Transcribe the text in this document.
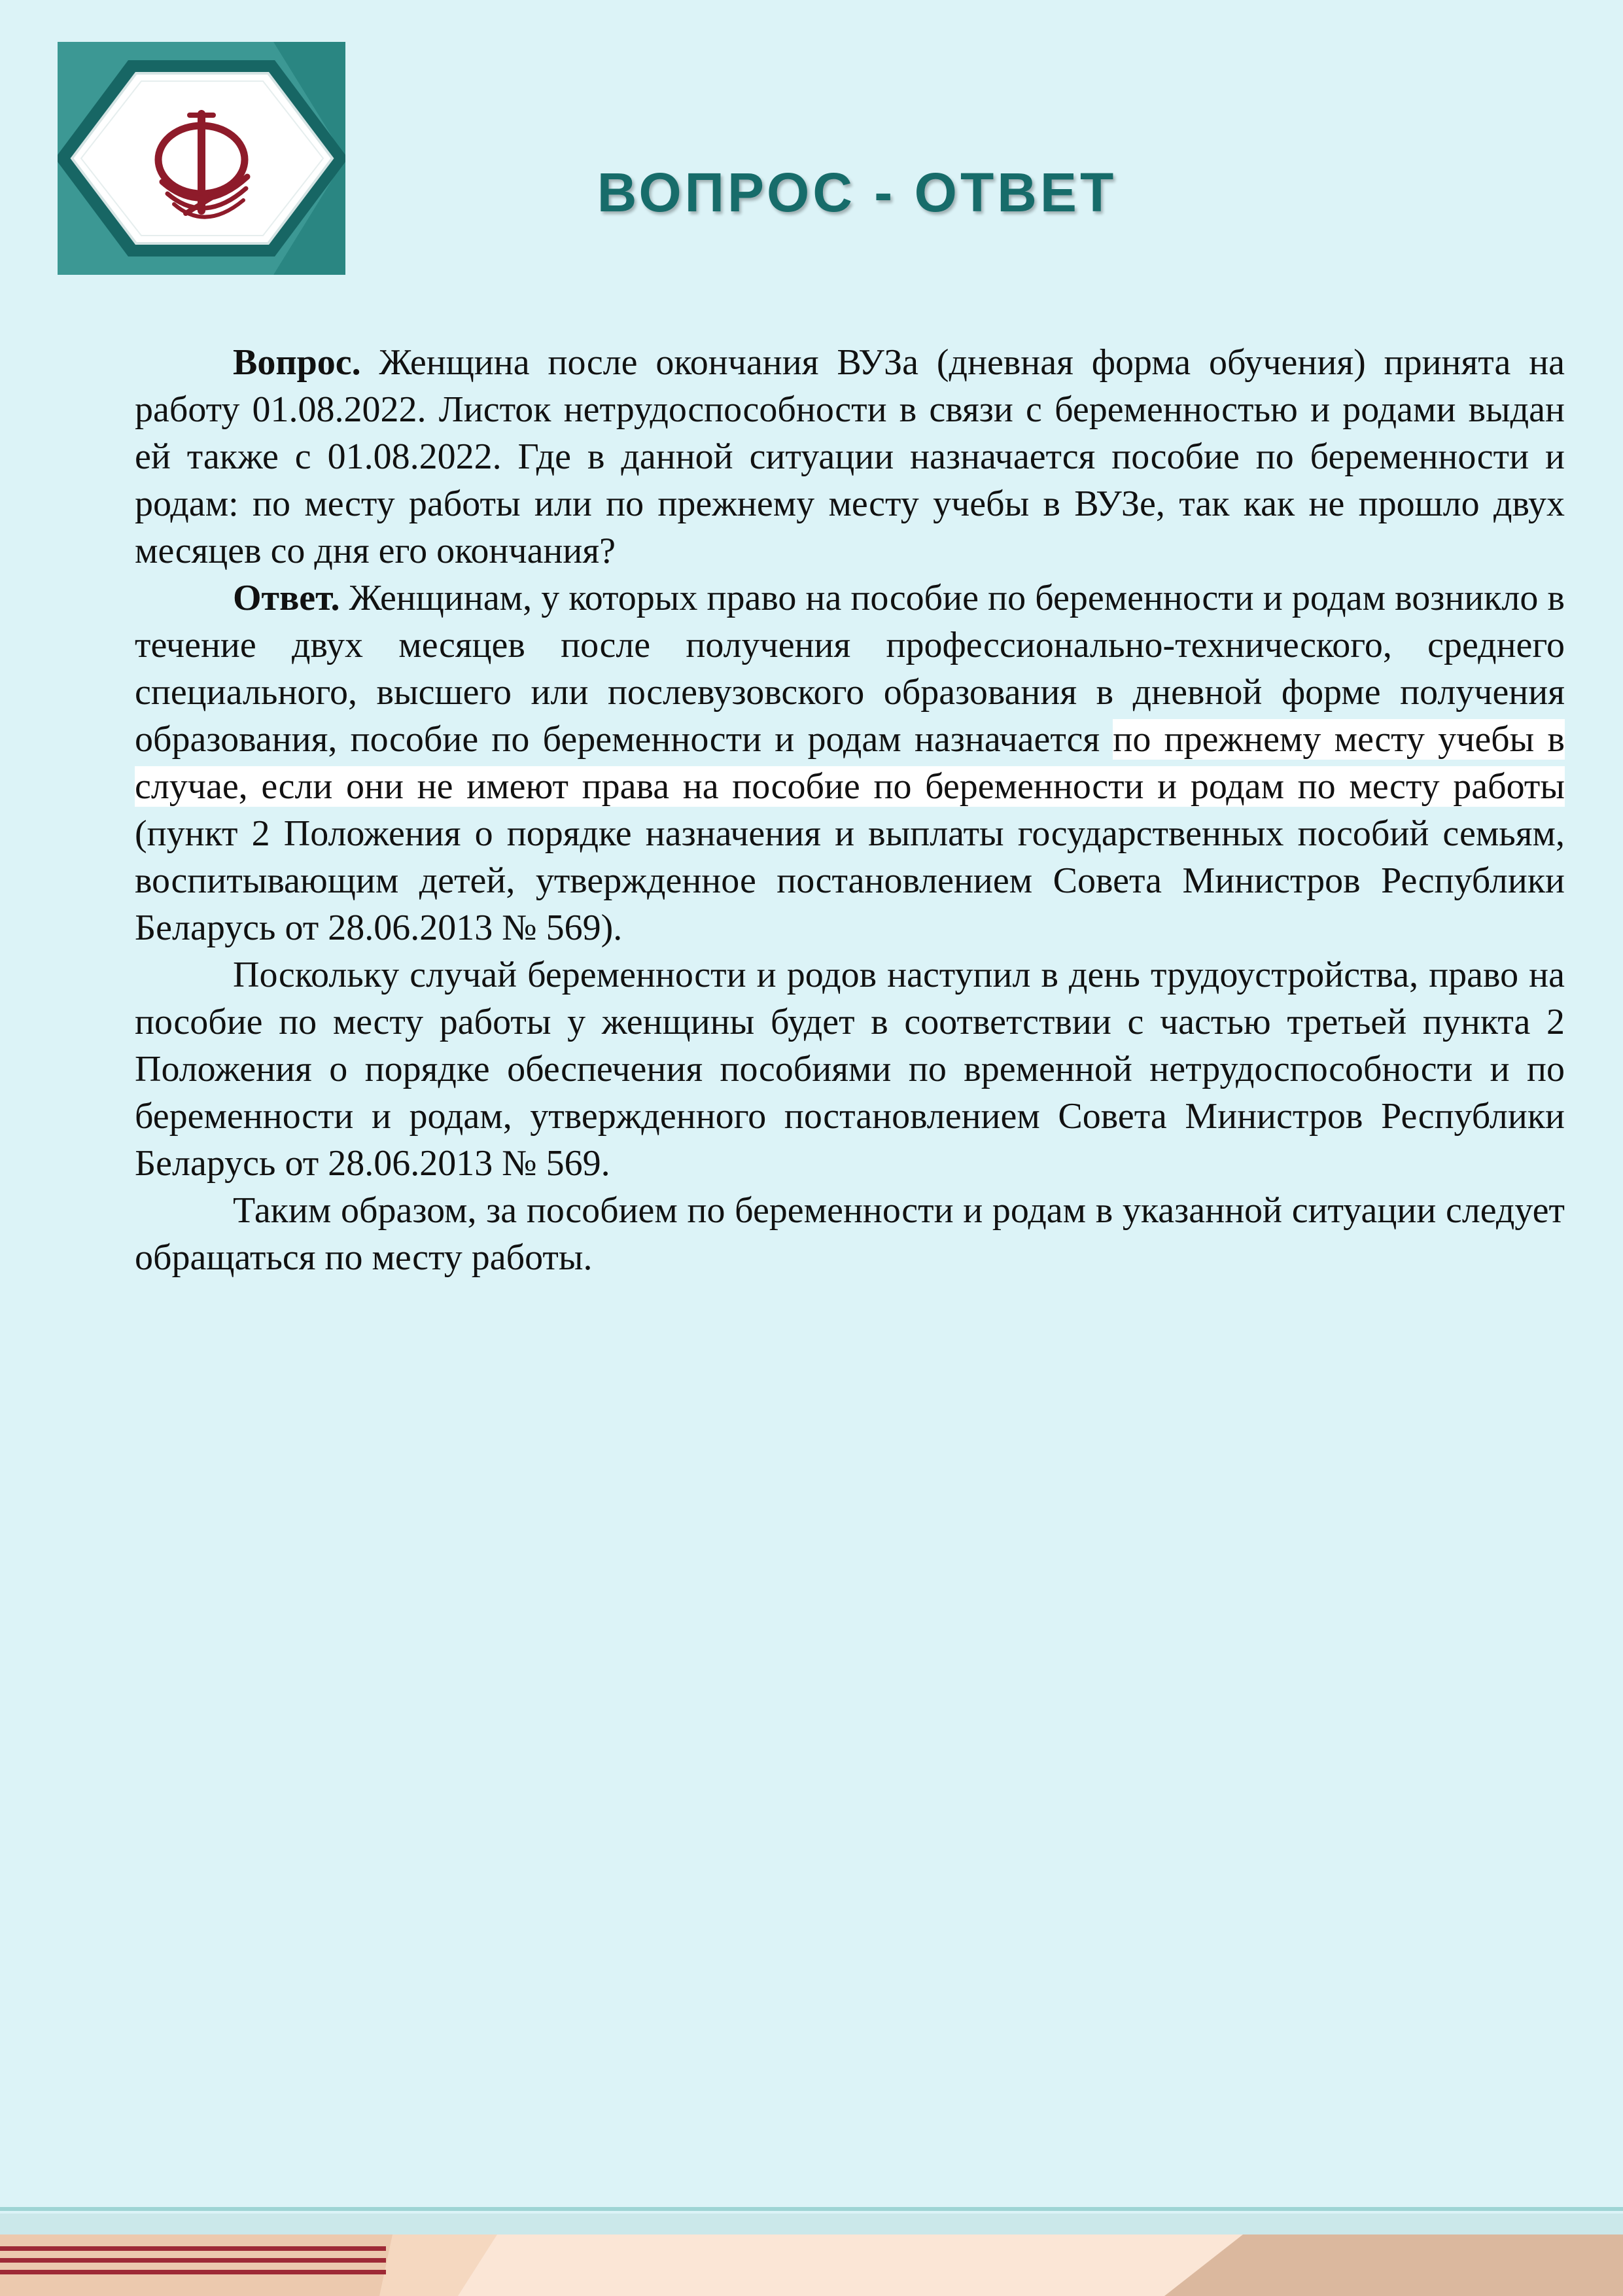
ВОПРОС - ОТВЕТ

Вопрос. Женщина после окончания ВУЗа (дневная форма обучения) принята на работу 01.08.2022. Листок нетрудоспособности в связи с беременностью и родами выдан ей также с 01.08.2022. Где в данной ситуации назначается пособие по беременности и родам: по месту работы или по прежнему месту учебы в ВУЗе, так как не прошло двух месяцев со дня его окончания?

Ответ. Женщинам, у которых право на пособие по беременности и родам возникло в течение двух месяцев после получения профессионально-технического, среднего специального, высшего или послевузовского образования в дневной форме получения образования, пособие по беременности и родам назначается по прежнему месту учебы в случае, если они не имеют права на пособие по беременности и родам по месту работы (пункт 2 Положения о порядке назначения и выплаты государственных пособий семьям, воспитывающим детей, утвержденное постановлением Совета Министров Республики Беларусь от 28.06.2013 № 569).

Поскольку случай беременности и родов наступил в день трудоустройства, право на пособие по месту работы у женщины будет в соответствии с частью третьей пункта 2 Положения о порядке обеспечения пособиями по временной нетрудоспособности и по беременности и родам, утвержденного постановлением Совета Министров Республики Беларусь от 28.06.2013 № 569.

Таким образом, за пособием по беременности и родам в указанной ситуации следует обращаться по месту работы.
